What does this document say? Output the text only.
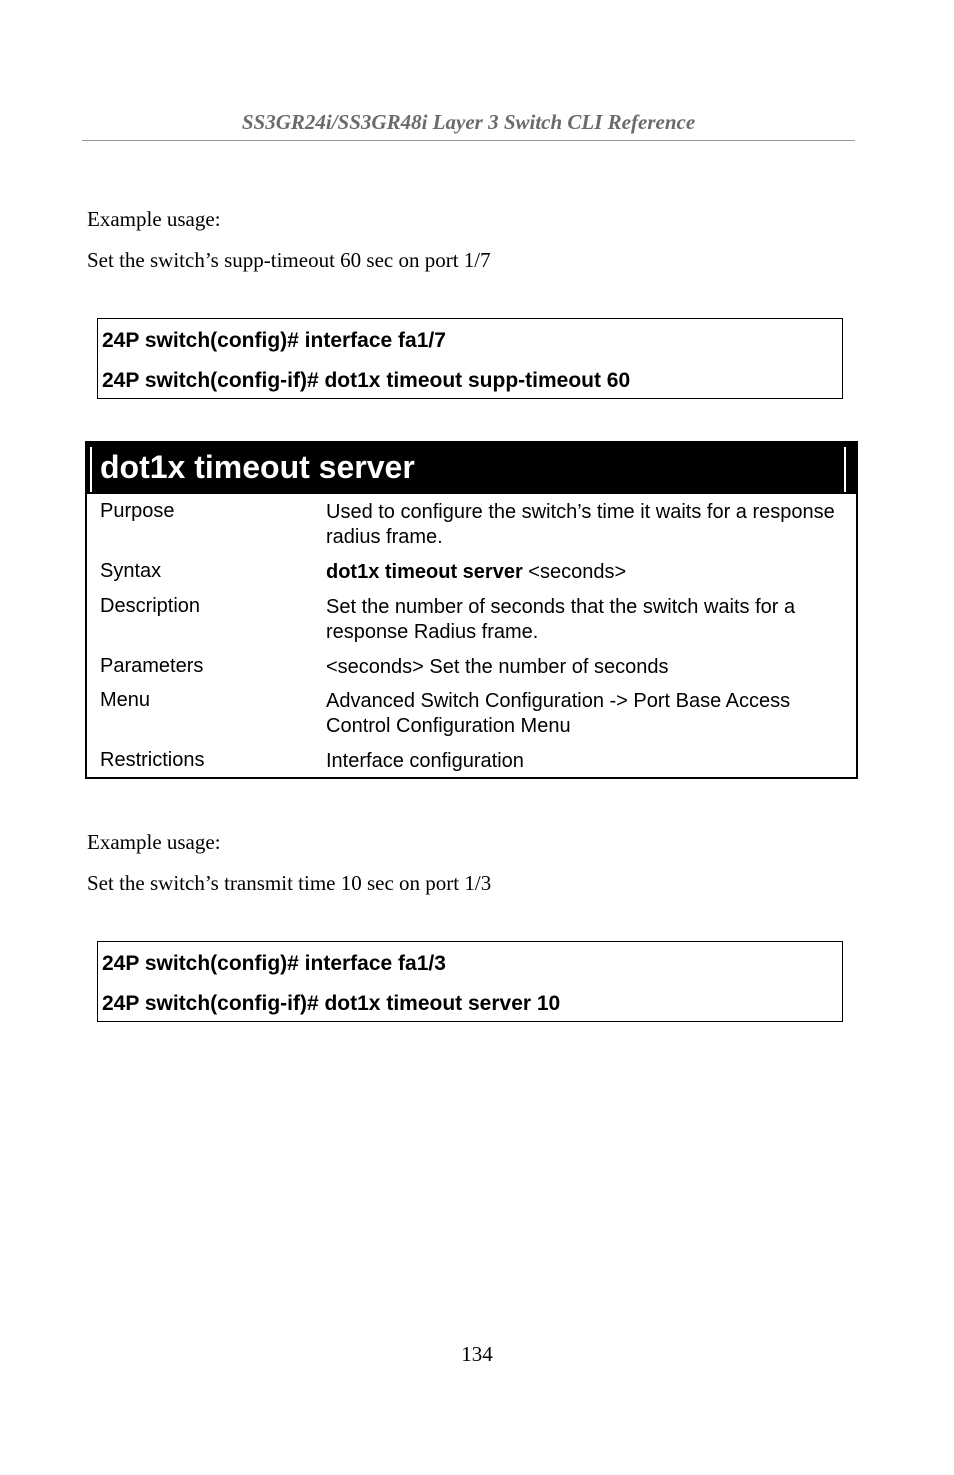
SS3GR24i/SS3GR48i Layer 3 Switch CLI Reference
Example usage:
Set the switch’s supp-timeout 60 sec on port 1/7
24P switch(config)# interface fa1/7
24P switch(config-if)# dot1x timeout supp-timeout 60
dot1x timeout server
Purpose	Used to configure the switch’s time it waits for a response radius frame.
Syntax	dot1x timeout server <seconds>
Description	Set the number of seconds that the switch waits for a response Radius frame.
Parameters	<seconds> Set the number of seconds
Menu	Advanced Switch Configuration -> Port Base Access Control Configuration Menu
Restrictions	Interface configuration
Example usage:
Set the switch’s transmit time 10 sec on port 1/3
24P switch(config)# interface fa1/3
24P switch(config-if)# dot1x timeout server 10
134
